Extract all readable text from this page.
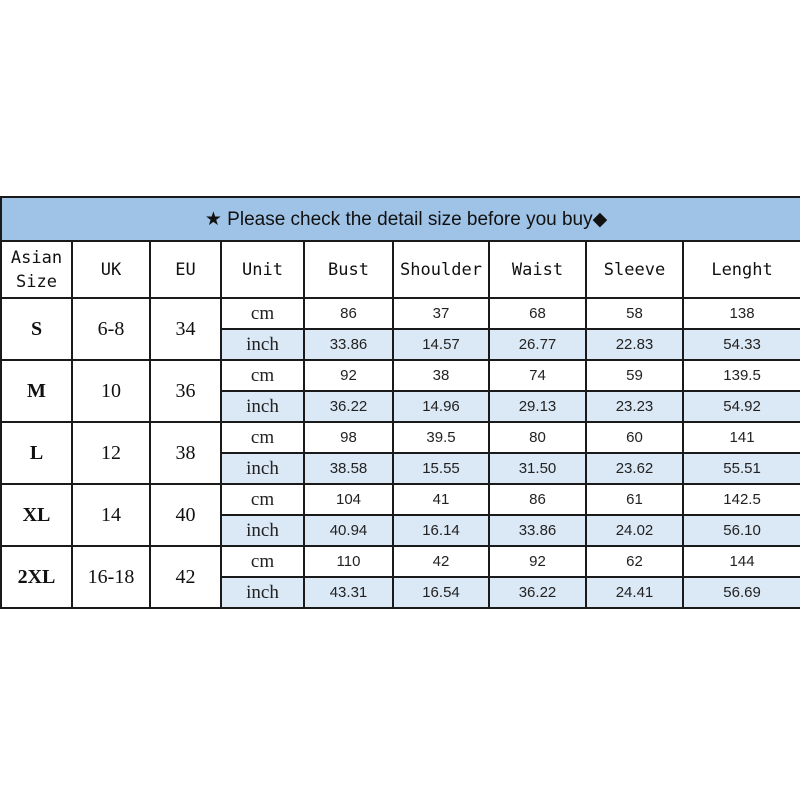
★ Please check the detail size before you buy◆								
Asian
Size	UK	EU	Unit	Bust	Shoulder	Waist	Sleeve	Lenght
S	6-8	34	cm	86	37	68	58	138
			inch	33.86	14.57	26.77	22.83	54.33
M	10	36	cm	92	38	74	59	139.5
			inch	36.22	14.96	29.13	23.23	54.92
L	12	38	cm	98	39.5	80	60	141
			inch	38.58	15.55	31.50	23.62	55.51
XL	14	40	cm	104	41	86	61	142.5
			inch	40.94	16.14	33.86	24.02	56.10
2XL	16-18	42	cm	110	42	92	62	144
			inch	43.31	16.54	36.22	24.41	56.69
